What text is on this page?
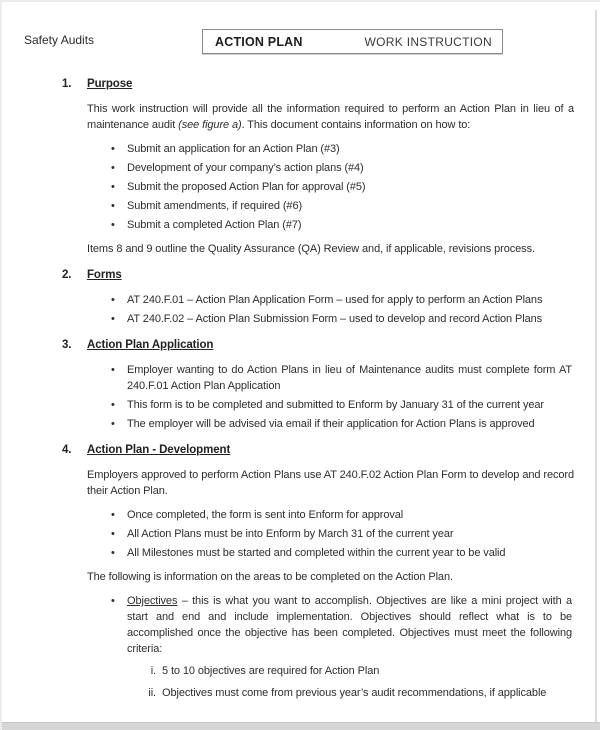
Safety Audits	ACTION PLAN	WORK INSTRUCTION
1.	Purpose

This work instruction will provide all the information required to perform an Action Plan in lieu of a maintenance audit (see figure a). This document contains information on how to:

• Submit an application for an Action Plan (#3)
• Development of your company’s action plans (#4)
• Submit the proposed Action Plan for approval (#5)
• Submit amendments, if required (#6)
• Submit a completed Action Plan (#7)

Items 8 and 9 outline the Quality Assurance (QA) Review and, if applicable, revisions process.

2.	Forms
• AT 240.F.01 – Action Plan Application Form – used for apply to perform an Action Plans
• AT 240.F.02 – Action Plan Submission Form – used to develop and record Action Plans
3.	Action Plan Application
• Employer wanting to do Action Plans in lieu of Maintenance audits must complete form AT 240.F.01 Action Plan Application
• This form is to be completed and submitted to Enform by January 31 of the current year
• The employer will be advised via email if their application for Action Plans is approved
4.	Action Plan - Development

Employers approved to perform Action Plans use AT 240.F.02 Action Plan Form to develop and record their Action Plan.

• Once completed, the form is sent into Enform for approval
• All Action Plans must be into Enform by March 31 of the current year
• All Milestones must be started and completed within the current year to be valid

The following is information on the areas to be completed on the Action Plan.

• Objectives – this is what you want to accomplish. Objectives are like a mini project with a start and end and include implementation. Objectives should reflect what is to be accomplished once the objective has been completed. Objectives must meet the following criteria:
i. 5 to 10 objectives are required for Action Plan
ii. Objectives must come from previous year’s audit recommendations, if applicable
